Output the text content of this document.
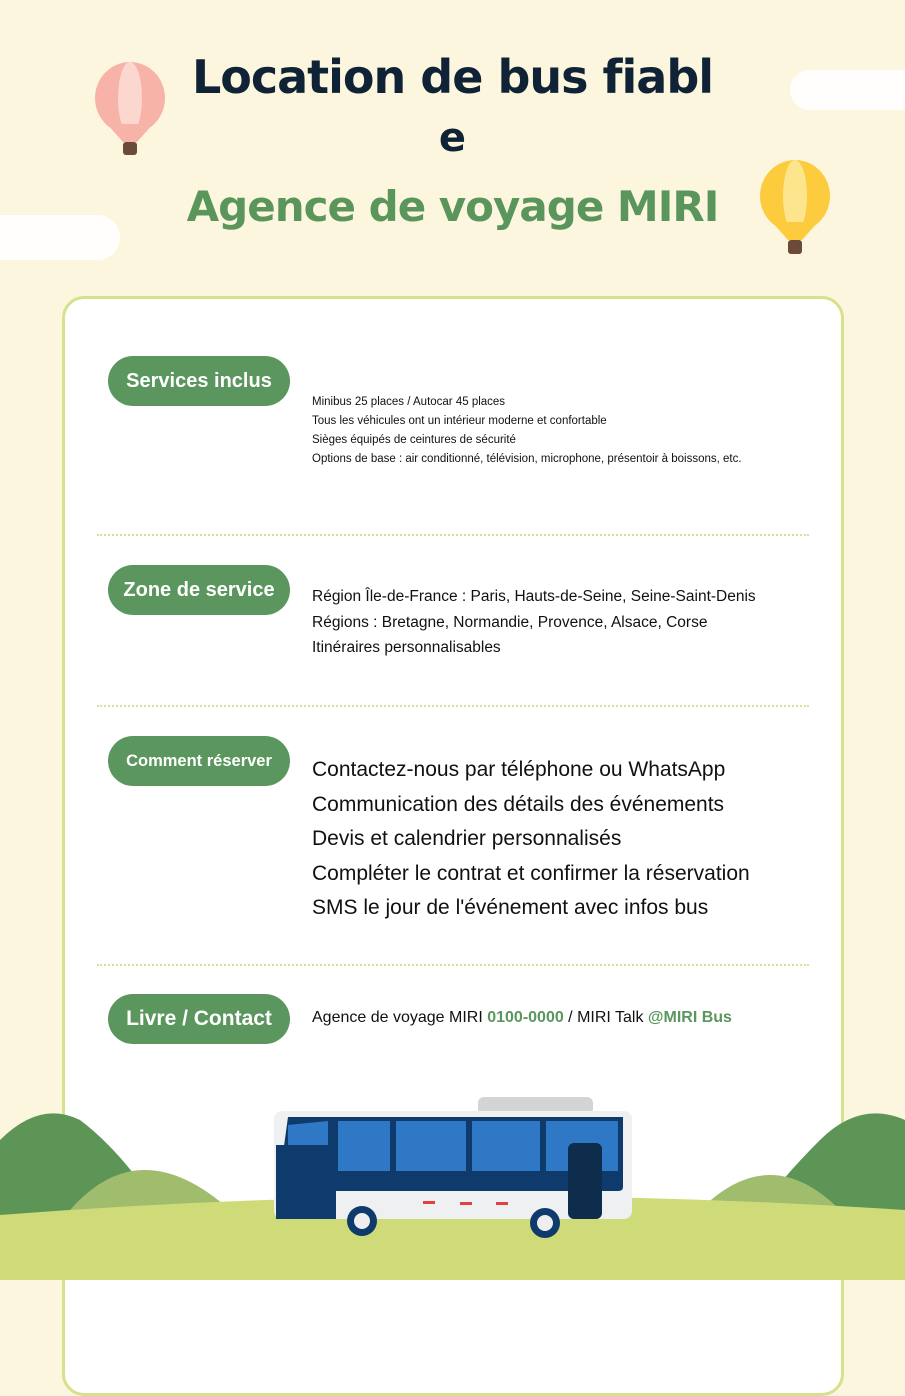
Location de bus fiabl
e
Agence de voyage MIRI
Services inclus
Minibus 25 places / Autocar 45 places
Tous les véhicules ont un intérieur moderne et confortable
Sièges équipés de ceintures de sécurité
Options de base : air conditionné, télévision, microphone, présentoir à boissons, etc.
Zone de service	Région Île-de-France : Paris, Hauts-de-Seine, Seine-Saint-Denis
Régions : Bretagne, Normandie, Provence, Alsace, Corse
Itinéraires personnalisables
Comment réserver	Contactez-nous par téléphone ou WhatsApp
Communication des détails des événements
Devis et calendrier personnalisés
Compléter le contrat et confirmer la réservation
SMS le jour de l'événement avec infos bus
Livre / Contact	Agence de voyage MIRI 0100-0000 / MIRI Talk @MIRI Bus
